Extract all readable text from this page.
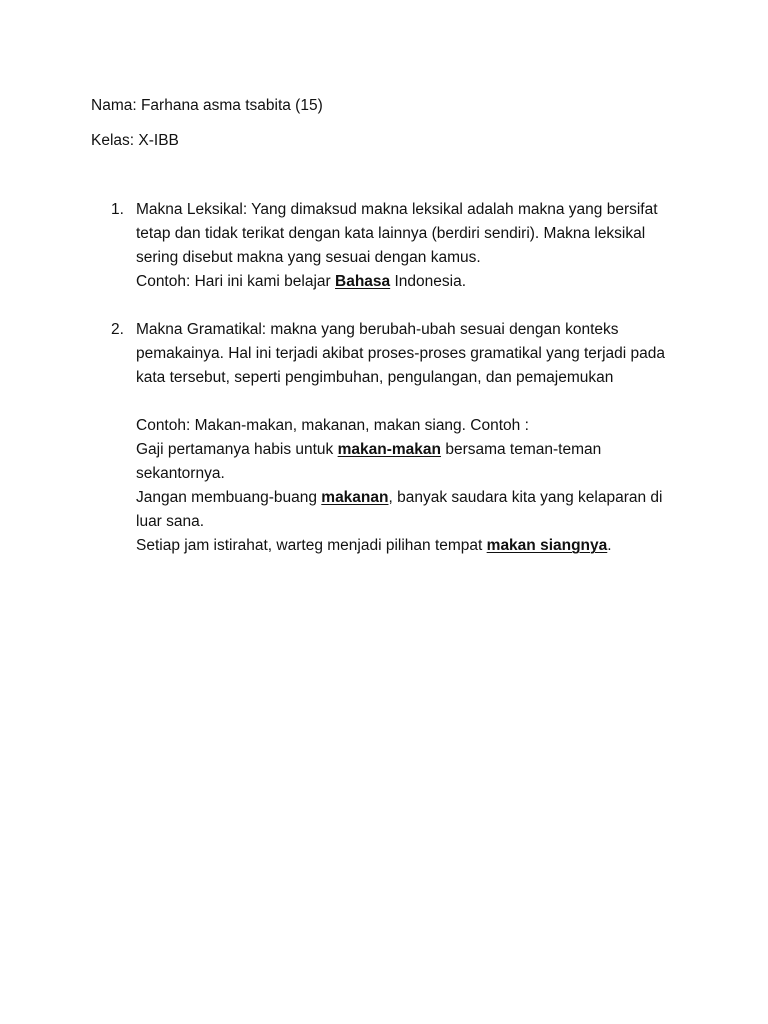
Nama: Farhana asma tsabita (15)
Kelas: X-IBB
1. Makna Leksikal: Yang dimaksud makna leksikal adalah makna yang bersifat tetap dan tidak terikat dengan kata lainnya (berdiri sendiri). Makna leksikal sering disebut makna yang sesuai dengan kamus.

Contoh: Hari ini kami belajar Bahasa Indonesia.

2. Makna Gramatikal: makna yang berubah-ubah sesuai dengan konteks pemakainya. Hal ini terjadi akibat proses-proses gramatikal yang terjadi pada kata tersebut, seperti pengimbuhan, pengulangan, dan pemajemukan

Contoh: Makan-makan, makanan, makan siang. Contoh :

Gaji pertamanya habis untuk makan-makan bersama teman-teman sekantornya.

Jangan membuang-buang makanan, banyak saudara kita yang kelaparan di luar sana.

Setiap jam istirahat, warteg menjadi pilihan tempat makan siangnya.
